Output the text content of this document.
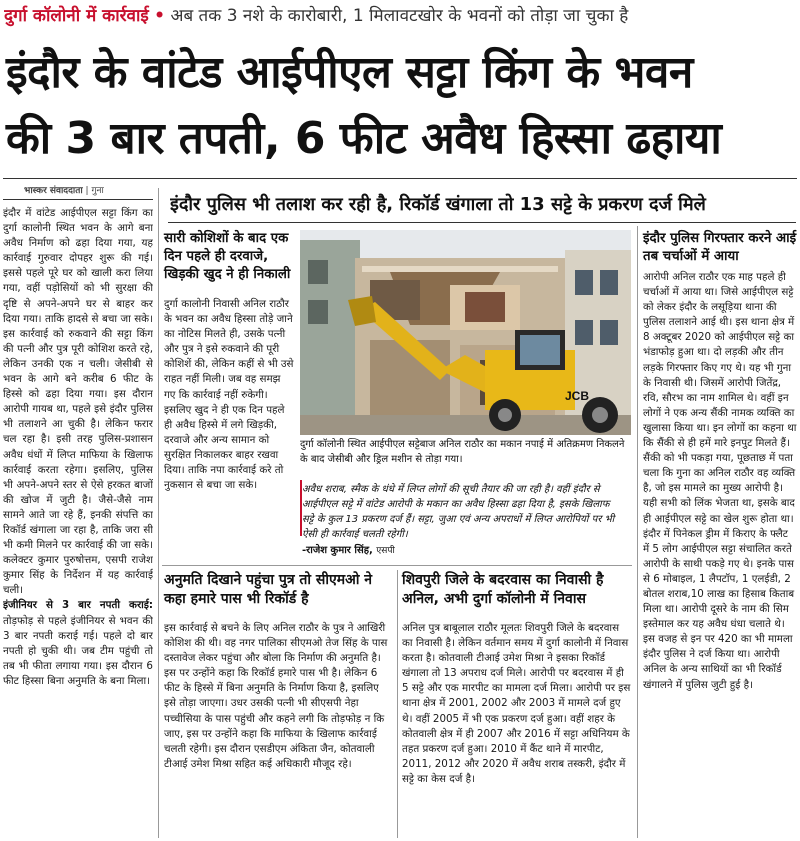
दुर्गा कॉलोनी में कार्रवाई • अब तक 3 नशे के कारोबारी, 1 मिलावटखोर के भवनों को तोड़ा जा चुका है
इंदौर के वांटेड आईपीएल सट्टा किंग के भवन
की 3 बार तपती, 6 फीट अवैध हिस्सा ढहाया
भास्कर संवाददाता | गुना
इंदौर पुलिस भी तलाश कर रही है, रिकॉर्ड खंगाला तो 13 सट्टे के प्रकरण दर्ज मिले
इंदौर में वांटेड आईपीएल सट्टा किंग का दुर्गा कालोनी स्थित भवन के आगे बना अवैध निर्माण को ढहा दिया गया, यह कार्रवाई गुरुवार दोपहर शुरू की गई। इससे पहले पूरे घर को खाली करा लिया गया, वहीं पड़ोसियों को भी सुरक्षा की दृष्टि से अपने-अपने घर से बाहर कर दिया गया। ताकि हादसे से बचा जा सके। इस कार्रवाई को रुकवाने की सट्टा किंग की पत्नी और पुत्र पूरी कोशिश करते रहे, लेकिन उनकी एक न चली। जेसीबी से भवन के आगे बने करीब 6 फीट के हिस्से को ढहा दिया गया। इस दौरान आरोपी गायब था, पहले इसे इंदौर पुलिस भी तलाशने आ चुकी है। लेकिन फरार चल रहा है। इसी तरह पुलिस-प्रशासन अवैध धंधों में लिप्त माफिया के खिलाफ कार्रवाई करता रहेगा। इसलिए, पुलिस भी अपने-अपने स्तर से ऐसे हरकत बाजों की खोज में जुटी है। जैसे-जैसे नाम सामने आते जा रहे हैं, इनकी संपत्ति का रिकॉर्ड खंगाला जा रहा है, ताकि जरा सी भी कमी मिलने पर कार्रवाई की जा सके। कलेक्टर कुमार पुरुषोत्तम, एसपी राजेश कुमार सिंह के निर्देशन में यह कार्रवाई चली।
इंजीनियर से 3 बार नपती कराई: तोड़फोड़ से पहले इंजीनियर से भवन की 3 बार नपती कराई गई। पहले दो बार नपती हो चुकी थी। जब टीम पहुंची तो तब भी फीता लगाया गया। इस दौरान 6 फीट हिस्सा बिना अनुमति के बना मिला।
सारी कोशिशों के बाद एक दिन पहले ही दरवाजे, खिड़की खुद ने ही निकाली
दुर्गा कालोनी निवासी अनिल राठौर के भवन का अवैध हिस्सा तोड़े जाने का नोटिस मिलते ही, उसके पत्नी और पुत्र ने इसे रुकवाने की पूरी कोशिशें की, लेकिन कहीं से भी उसे राहत नहीं मिली। जब वह समझ गए कि कार्रवाई नहीं रुकेगी। इसलिए खुद ने ही एक दिन पहले ही अवैध हिस्से में लगे खिड़की, दरवाजे और अन्य सामान को सुरक्षित निकालकर बाहर रखवा दिया। ताकि नपा कार्रवाई करे तो नुकसान से बचा जा सके।
JCB
दुर्गा कॉलोनी स्थित आईपीएल सट्टेबाज अनिल राठौर का मकान नपाई में अतिक्रमण निकलने के बाद जेसीबी और ड्रिल मशीन से तोड़ा गया।
अवैध शराब, स्मैक के धंधे में लिप्त लोगों की सूची तैयार की जा रही है। वहीं इंदौर से आईपीएल सट्टे में वांटेड आरोपी के मकान का अवैध हिस्सा ढहा दिया है, इसके खिलाफ सट्टे के कुल 13 प्रकरण दर्ज हैं। सट्टा, जुआ एवं अन्य अपराधों में लिप्त आरोपियों पर भी ऐसी ही कार्रवाई चलती रहेगी।
-राजेश कुमार सिंह, एसपी
अनुमति दिखाने पहुंचा पुत्र तो सीएमओ ने कहा हमारे पास भी रिकॉर्ड है
इस कार्रवाई से बचने के लिए अनिल राठौर के पुत्र ने आखिरी कोशिश की थी। वह नगर पालिका सीएमओ तेज सिंह के पास दस्तावेज लेकर पहुंचा और बोला कि निर्माण की अनुमति है। इस पर उन्होंने कहा कि रिकॉर्ड हमारे पास भी है। लेकिन 6 फीट के हिस्से में बिना अनुमति के निर्माण किया है, इसलिए इसे तोड़ा जाएगा। उधर उसकी पत्नी भी सीएसपी नेहा पच्चीसिया के पास पहुंची और कहने लगी कि तोड़फोड़ न कि जाए, इस पर उन्होंने कहा कि माफिया के खिलाफ कार्रवाई चलती रहेगी। इस दौरान एसडीएम अंकिता जैन, कोतवाली टीआई उमेश मिश्रा सहित कई अधिकारी मौजूद रहे।
शिवपुरी जिले के बदरवास का निवासी है अनिल, अभी दुर्गा कॉलोनी में निवास
अनिल पुत्र बाबूलाल राठौर मूलतः शिवपुरी जिले के बदरवास का निवासी है। लेकिन वर्तमान समय में दुर्गा कालोनी में निवास करता है। कोतवाली टीआई उमेश मिश्रा ने इसका रिकॉर्ड खंगाला तो 13 अपराध दर्ज मिले। आरोपी पर बदरवास में ही 5 सट्टे और एक मारपीट का मामला दर्ज मिला। आरोपी पर इस थाना क्षेत्र में 2001, 2002 और 2003 में मामले दर्ज हुए थे। वहीं 2005 में भी एक प्रकरण दर्ज हुआ। वहीं शहर के कोतवाली क्षेत्र में ही 2007 और 2016 में सट्टा अधिनियम के तहत प्रकरण दर्ज हुआ। 2010 में कैंट थाने में मारपीट, 2011, 2012 और 2020 में अवैध शराब तस्करी, इंदौर में सट्टे का केस दर्ज है।
इंदौर पुलिस गिरफ्तार करने आई तब चर्चाओं में आया
आरोपी अनिल राठौर एक माह पहले ही चर्चाओं में आया था। जिसे आईपीएल सट्टे को लेकर इंदौर के लसूड़िया थाना की पुलिस तलाशने आई थी। इस थाना क्षेत्र में 8 अक्टूबर 2020 को आईपीएल सट्टे का भंडाफोड़ हुआ था। दो लड़की और तीन लड़के गिरफ्तार किए गए थे। यह भी गुना के निवासी थी। जिसमें आरोपी जितेंद्र, रवि, सौरभ का नाम शामिल थे। वहीं इन लोगों ने एक अन्य सैंकी नामक व्यक्ति का खुलासा किया था। इन लोगों का कहना था कि सैंकी से ही हमें मारे इनपुट मिलते हैं। सैंकी को भी पकड़ा गया, पूछताछ में पता चला कि गुना का अनिल राठौर वह व्यक्ति है, जो इस मामले का मुख्य आरोपी है। यही सभी को लिंक भेजता था, इसके बाद ही आईपीएल सट्टे का खेल शुरू होता था। इंदौर में पिनेकल ड्रीम में किराए के फ्लैट में 5 लोग आईपीएल सट्टा संचालित करते आरोपी के साथी पकड़े गए थे। इनके पास से 6 मोबाइल, 1 लैपटॉप, 1 एलईडी, 2 बोतल शराब,10 लाख का हिसाब किताब मिला था। आरोपी दूसरे के नाम की सिम इस्तेमाल कर यह अवैध धंधा चलाते थे। इस वजह से इन पर 420 का भी मामला इंदौर पुलिस ने दर्ज किया था। आरोपी अनिल के अन्य साथियों का भी रिकॉर्ड खंगालने में पुलिस जुटी हुई है।
